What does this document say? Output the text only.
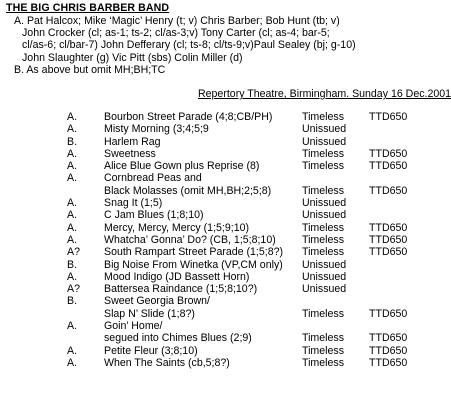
THE BIG CHRIS BARBER BAND
A. Pat Halcox; Mike ‘Magic’ Henry (t; v) Chris Barber; Bob Hunt (tb; v)
John Crocker (cl; as-1; ts-2; cl/as-3;v) Tony Carter (cl; as-4; bar-5;
cl/as-6; cl/bar-7) John Defferary (cl; ts-8; cl/ts-9;v)Paul Sealey (bj; g-10)
John Slaughter (g) Vic Pitt (sbs) Colin Miller (d)
B. As above but omit MH;BH;TC
Repertory Theatre, Birmingham. Sunday 16 Dec.2001
A.	Bourbon Street Parade (4;8;CB/PH)	Timeless TTD650
A.	Misty Morning (3;4;5;9	Unissued
B.	Harlem Rag	Unissued
A.	Sweetness	Timeless TTD650
A.	Alice Blue Gown plus Reprise (8)	Timeless TTD650
A.	Cornbread Peas and
Black Molasses (omit MH,BH;2;5;8)	Timeless TTD650
A.	Snag It (1;5)	Unissued
A.	C Jam Blues (1;8;10)	Unissued
A.	Mercy, Mercy, Mercy (1;5;9;10)	Timeless TTD650
A.	Whatcha’ Gonna’ Do? (CB, 1;5;8;10) Timeless TTD650
A? South Rampart Street Parade (1;5;8?) Timeless TTD650
B.	Big Noise From Winetka (VP,CM only) Unissued
A.	Mood Indigo (JD Bassett Horn)	Unissued
A? Battersea Raindance (1;5;8;10?)	Unissued
B.	Sweet Georgia Brown/
Slap N’ Slide (1;8?)	Timeless TTD650
A.	Goin’ Home/
segued into Chimes Blues (2;9)	Timeless TTD650
A.	Petite Fleur (3;8;10)	Timeless TTD650
A.	When The Saints (cb,5;8?)	Timeless TTD650
